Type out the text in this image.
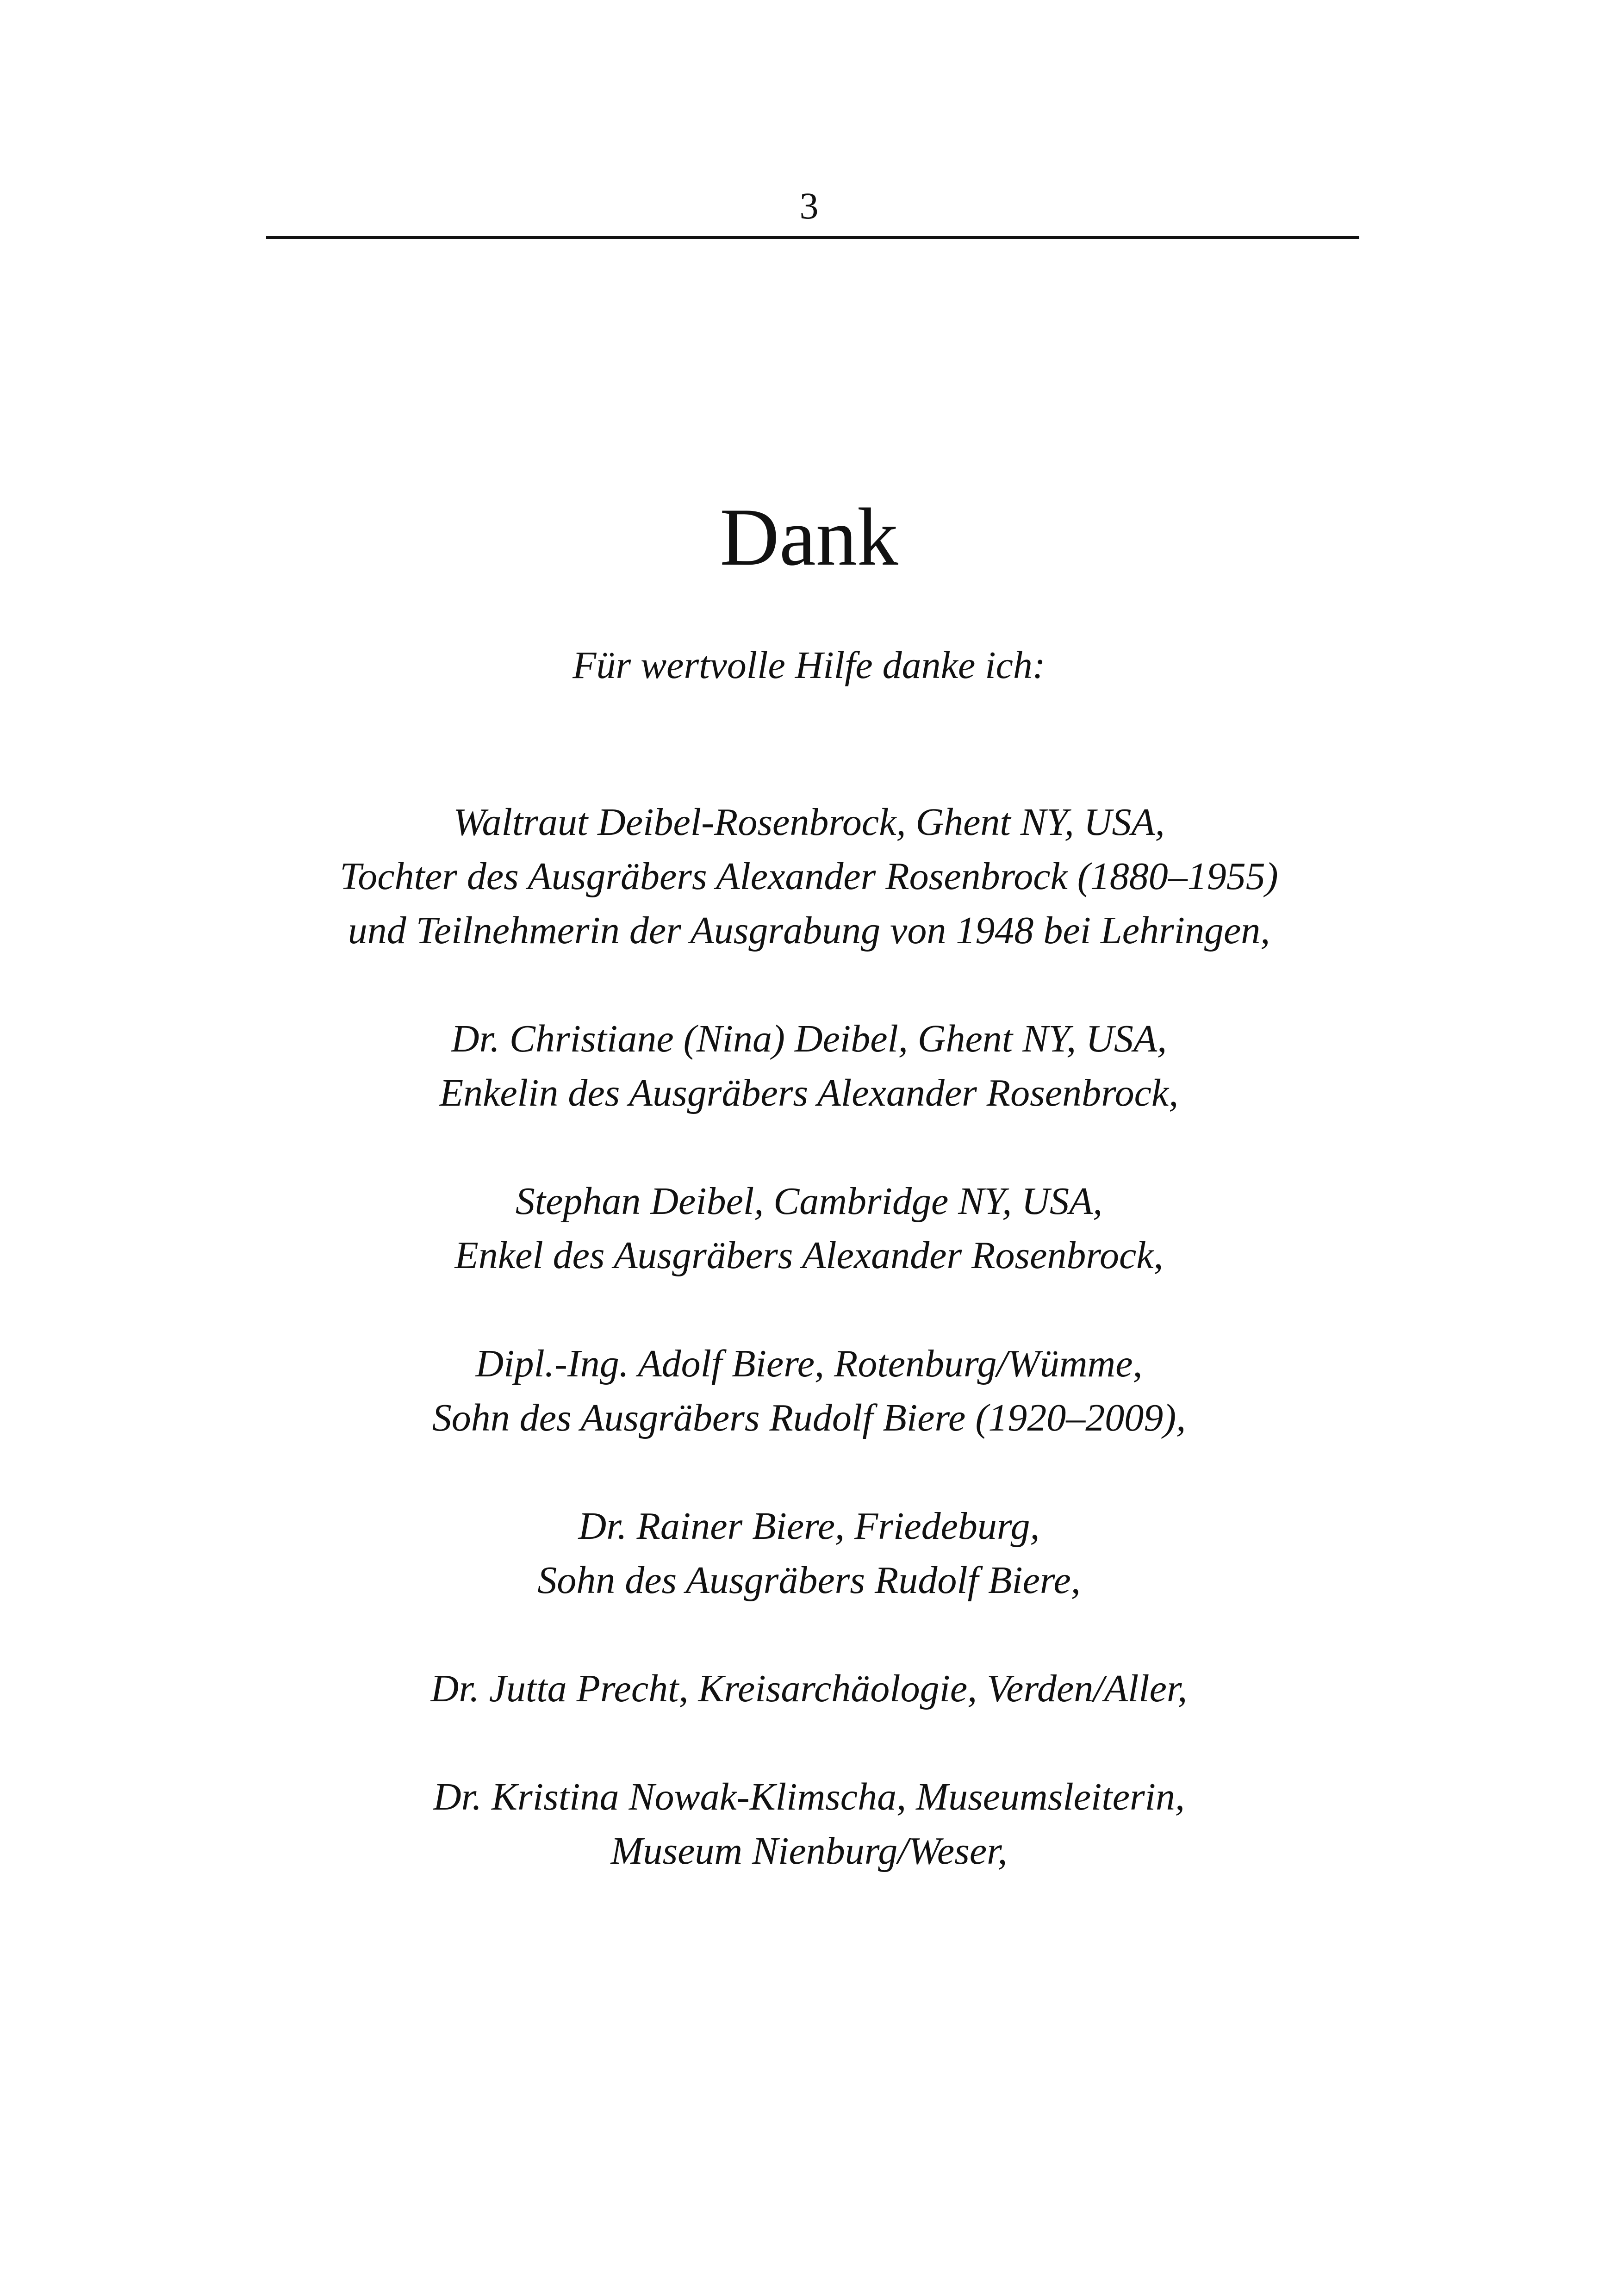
3
Dank
Für wertvolle Hilfe danke ich:
Waltraut Deibel-Rosenbrock, Ghent NY, USA,
Tochter des Ausgräbers Alexander Rosenbrock (1880–1955)
und Teilnehmerin der Ausgrabung von 1948 bei Lehringen,
Dr. Christiane (Nina) Deibel, Ghent NY, USA,
Enkelin des Ausgräbers Alexander Rosenbrock,
Stephan Deibel, Cambridge NY, USA,
Enkel des Ausgräbers Alexander Rosenbrock,
Dipl.-Ing. Adolf Biere, Rotenburg/Wümme,
Sohn des Ausgräbers Rudolf Biere (1920–2009),
Dr. Rainer Biere, Friedeburg,
Sohn des Ausgräbers Rudolf Biere,
Dr. Jutta Precht, Kreisarchäologie, Verden/Aller,
Dr. Kristina Nowak-Klimscha, Museumsleiterin,
Museum Nienburg/Weser,
